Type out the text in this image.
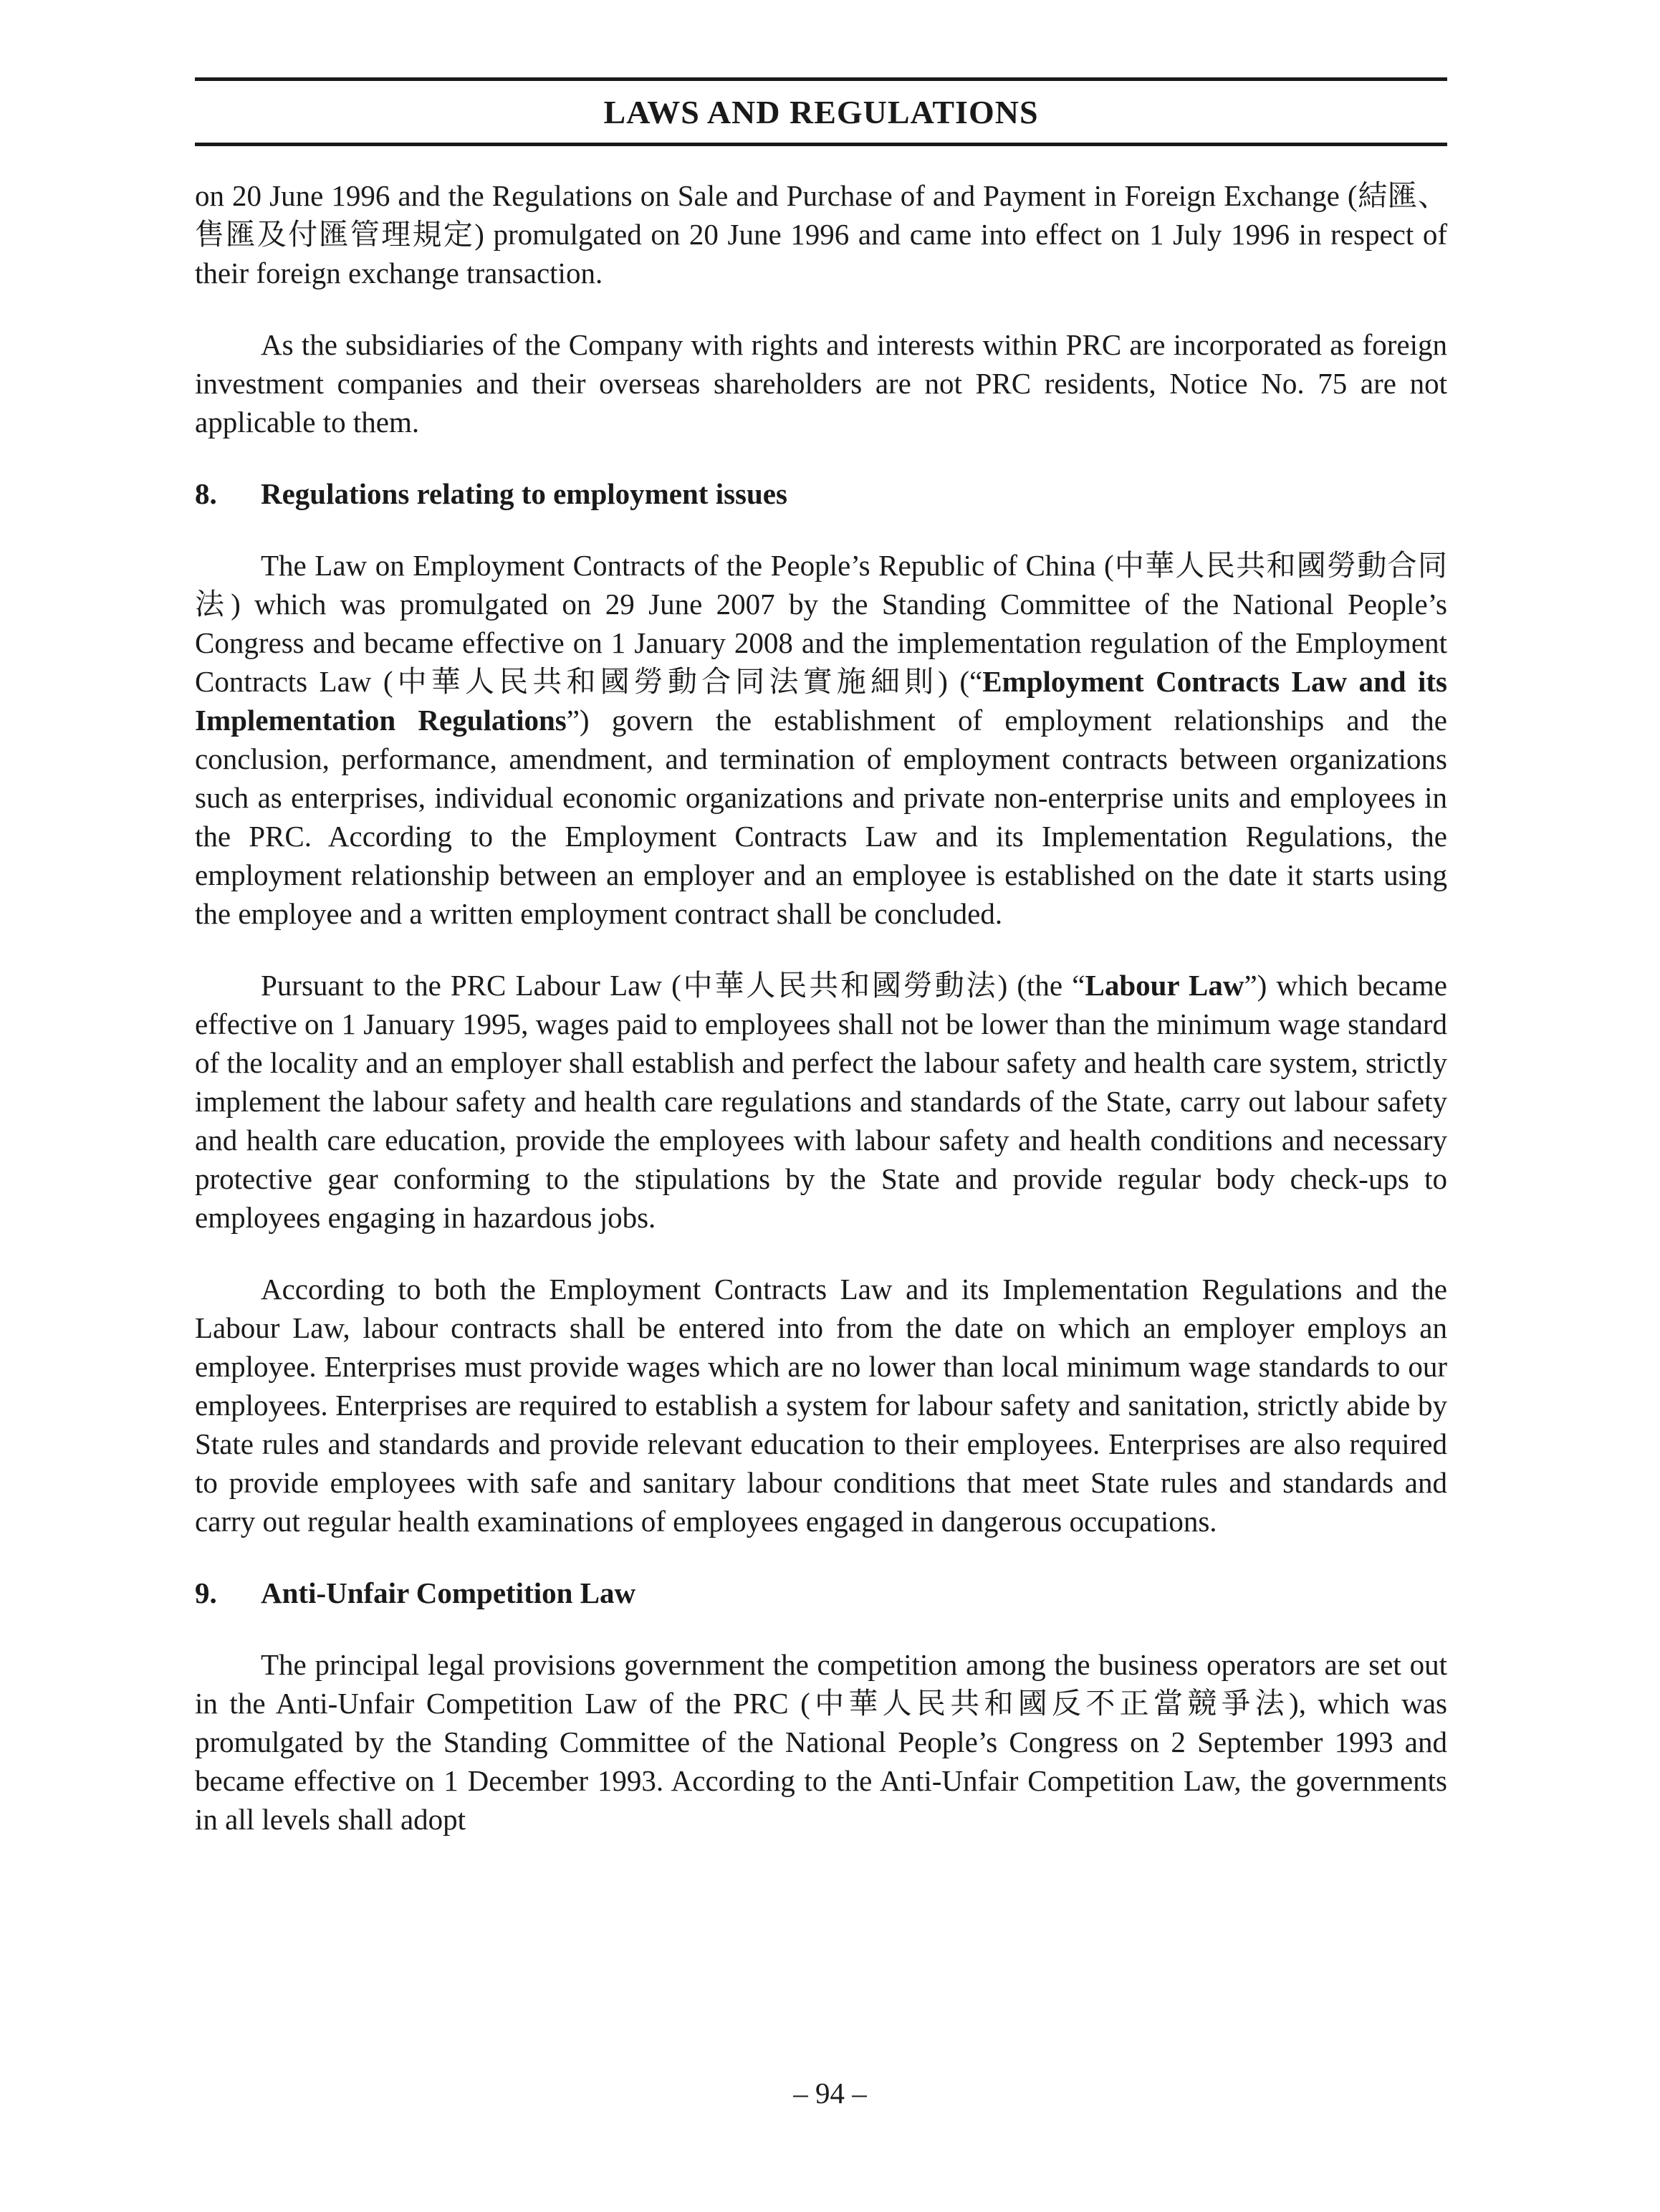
LAWS AND REGULATIONS

on 20 June 1996 and the Regulations on Sale and Purchase of and Payment in Foreign Exchange (結匯、售匯及付匯管理規定) promulgated on 20 June 1996 and came into effect on 1 July 1996 in respect of their foreign exchange transaction.

As the subsidiaries of the Company with rights and interests within PRC are incorporated as foreign investment companies and their overseas shareholders are not PRC residents, Notice No. 75 are not applicable to them.

8.	Regulations relating to employment issues

The Law on Employment Contracts of the People’s Republic of China (中華人民共和國勞動合同法) which was promulgated on 29 June 2007 by the Standing Committee of the National People’s Congress and became effective on 1 January 2008 and the implementation regulation of the Employment Contracts Law (中華人民共和國勞動合同法實施細則) (“Employment Contracts Law and its Implementation Regulations”) govern the establishment of employment relationships and the conclusion, performance, amendment, and termination of employment contracts between organizations such as enterprises, individual economic organizations and private non-enterprise units and employees in the PRC. According to the Employment Contracts Law and its Implementation Regulations, the employment relationship between an employer and an employee is established on the date it starts using the employee and a written employment contract shall be concluded.

Pursuant to the PRC Labour Law (中華人民共和國勞動法) (the “Labour Law”) which became effective on 1 January 1995, wages paid to employees shall not be lower than the minimum wage standard of the locality and an employer shall establish and perfect the labour safety and health care system, strictly implement the labour safety and health care regulations and standards of the State, carry out labour safety and health care education, provide the employees with labour safety and health conditions and necessary protective gear conforming to the stipulations by the State and provide regular body check-ups to employees engaging in hazardous jobs.

According to both the Employment Contracts Law and its Implementation Regulations and the Labour Law, labour contracts shall be entered into from the date on which an employer employs an employee. Enterprises must provide wages which are no lower than local minimum wage standards to our employees. Enterprises are required to establish a system for labour safety and sanitation, strictly abide by State rules and standards and provide relevant education to their employees. Enterprises are also required to provide employees with safe and sanitary labour conditions that meet State rules and standards and carry out regular health examinations of employees engaged in dangerous occupations.

9.	Anti-Unfair Competition Law

The principal legal provisions government the competition among the business operators are set out in the Anti-Unfair Competition Law of the PRC (中華人民共和國反不正當競爭法), which was promulgated by the Standing Committee of the National People’s Congress on 2 September 1993 and became effective on 1 December 1993. According to the Anti-Unfair Competition Law, the governments in all levels shall adopt

– 94 –
